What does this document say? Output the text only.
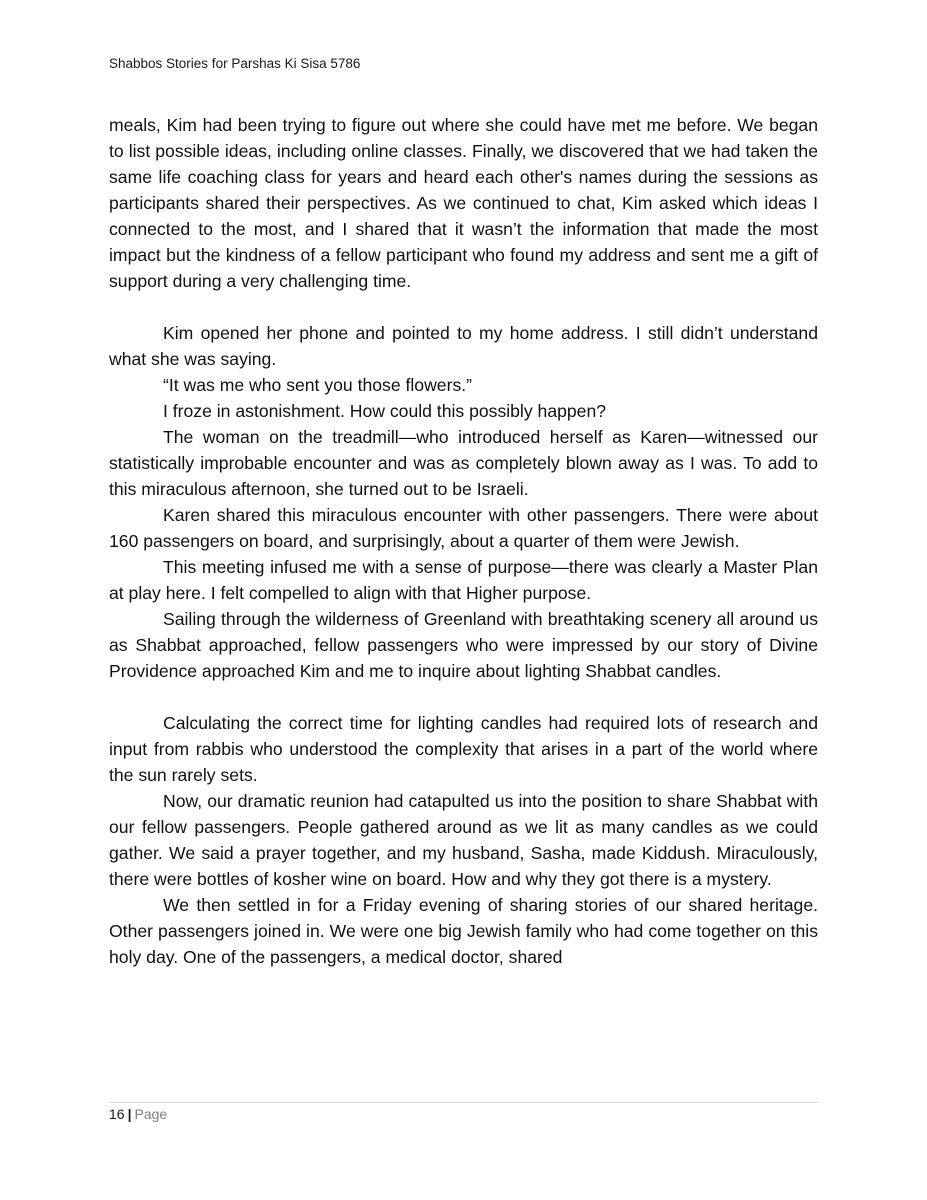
Shabbos Stories for Parshas Ki Sisa 5786

meals, Kim had been trying to figure out where she could have met me before. We began to list possible ideas, including online classes. Finally, we discovered that we had taken the same life coaching class for years and heard each other's names during the sessions as participants shared their perspectives. As we continued to chat, Kim asked which ideas I connected to the most, and I shared that it wasn’t the information that made the most impact but the kindness of a fellow participant who found my address and sent me a gift of support during a very challenging time.

Kim opened her phone and pointed to my home address. I still didn’t understand what she was saying.

“It was me who sent you those flowers.”

I froze in astonishment. How could this possibly happen?

The woman on the treadmill—who introduced herself as Karen—witnessed our statistically improbable encounter and was as completely blown away as I was. To add to this miraculous afternoon, she turned out to be Israeli.

Karen shared this miraculous encounter with other passengers. There were about 160 passengers on board, and surprisingly, about a quarter of them were Jewish.

This meeting infused me with a sense of purpose—there was clearly a Master Plan at play here. I felt compelled to align with that Higher purpose.

Sailing through the wilderness of Greenland with breathtaking scenery all around us as Shabbat approached, fellow passengers who were impressed by our story of Divine Providence approached Kim and me to inquire about lighting Shabbat candles.

Calculating the correct time for lighting candles had required lots of research and input from rabbis who understood the complexity that arises in a part of the world where the sun rarely sets.

Now, our dramatic reunion had catapulted us into the position to share Shabbat with our fellow passengers. People gathered around as we lit as many candles as we could gather. We said a prayer together, and my husband, Sasha, made Kiddush. Miraculously, there were bottles of kosher wine on board. How and why they got there is a mystery.

We then settled in for a Friday evening of sharing stories of our shared heritage. Other passengers joined in. We were one big Jewish family who had come together on this holy day. One of the passengers, a medical doctor, shared

16 | Page
